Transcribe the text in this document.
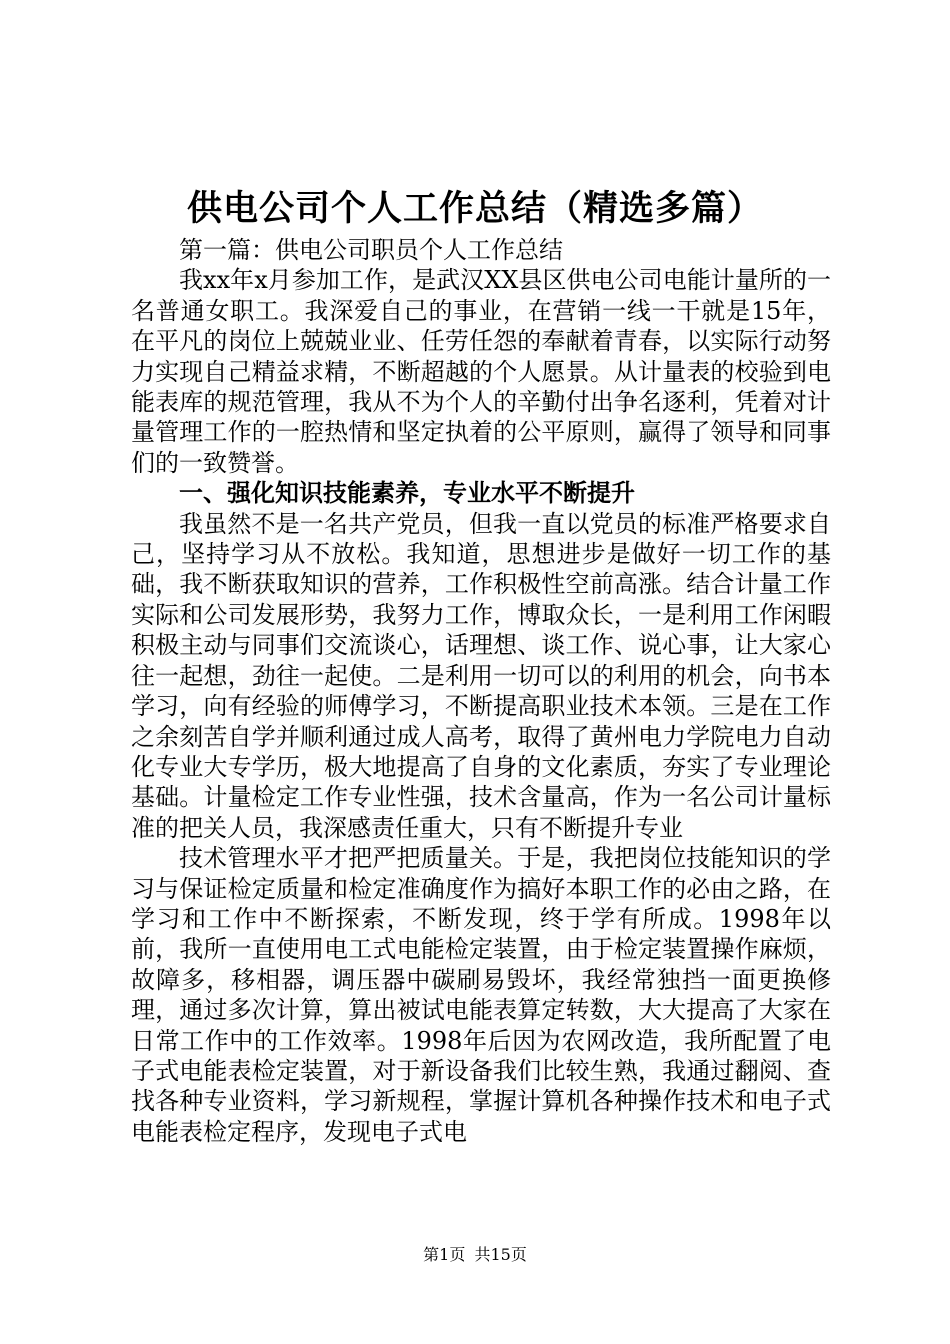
供电公司个人工作总结（精选多篇）

第一篇：供电公司职员个人工作总结

我xx年x月参加工作，是武汉XX县区供电公司电能计量所的一名普通女职工。我深爱自己的事业，在营销一线一干就是15年，在平凡的岗位上兢兢业业、任劳任怨的奉献着青春，以实际行动努力实现自己精益求精，不断超越的个人愿景。从计量表的校验到电能表库的规范管理，我从不为个人的辛勤付出争名逐利，凭着对计量管理工作的一腔热情和坚定执着的公平原则，赢得了领导和同事们的一致赞誉。

一、强化知识技能素养，专业水平不断提升

我虽然不是一名共产党员，但我一直以党员的标准严格要求自己，坚持学习从不放松。我知道，思想进步是做好一切工作的基础，我不断获取知识的营养，工作积极性空前高涨。结合计量工作实际和公司发展形势，我努力工作，博取众长，一是利用工作闲暇积极主动与同事们交流谈心，话理想、谈工作、说心事，让大家心往一起想，劲往一起使。二是利用一切可以的利用的机会，向书本学习，向有经验的师傅学习，不断提高职业技术本领。三是在工作之余刻苦自学并顺利通过成人高考，取得了黄州电力学院电力自动化专业大专学历，极大地提高了自身的文化素质，夯实了专业理论基础。计量检定工作专业性强，技术含量高，作为一名公司计量标准的把关人员，我深感责任重大，只有不断提升专业

技术管理水平才把严把质量关。于是，我把岗位技能知识的学习与保证检定质量和检定准确度作为搞好本职工作的必由之路，在学习和工作中不断探索，不断发现，终于学有所成。1998年以前，我所一直使用电工式电能检定装置，由于检定装置操作麻烦，故障多，移相器，调压器中碳刷易毁坏，我经常独挡一面更换修理，通过多次计算，算出被试电能表算定转数，大大提高了大家在日常工作中的工作效率。1998年后因为农网改造，我所配置了电子式电能表检定装置，对于新设备我们比较生熟，我通过翻阅、查找各种专业资料，学习新规程，掌握计算机各种操作技术和电子式电能表检定程序，发现电子式电

第1页 共15页
